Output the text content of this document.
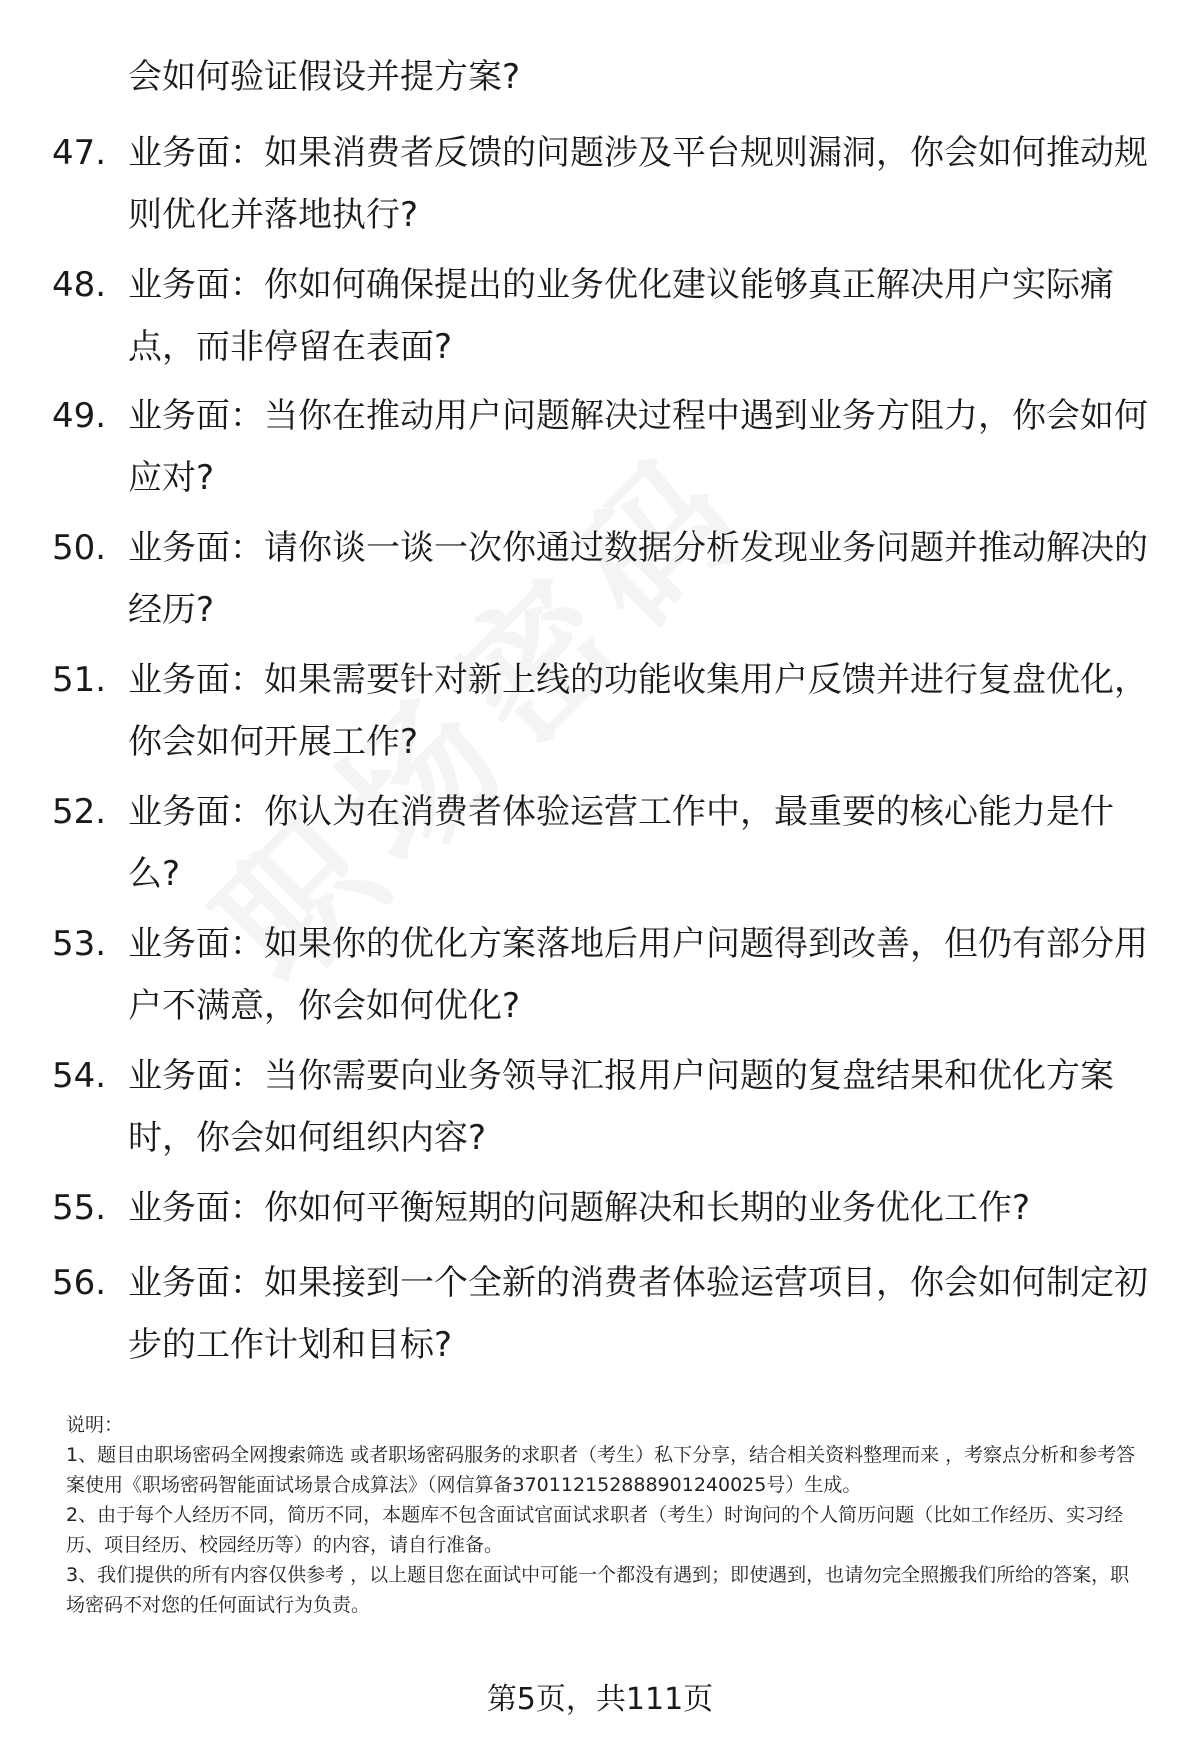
会如何验证假设并提方案?
47. 业务面：如果消费者反馈的问题涉及平台规则漏洞，你会如何推动规则优化并落地执行?
48. 业务面：你如何确保提出的业务优化建议能够真正解决用户实际痛点，而非停留在表面?
49. 业务面：当你在推动用户问题解决过程中遇到业务方阻力，你会如何应对?
50. 业务面：请你谈一谈一次你通过数据分析发现业务问题并推动解决的经历?
51. 业务面：如果需要针对新上线的功能收集用户反馈并进行复盘优化，你会如何开展工作?
52. 业务面：你认为在消费者体验运营工作中，最重要的核心能力是什么?
53. 业务面：如果你的优化方案落地后用户问题得到改善，但仍有部分用户不满意，你会如何优化?
54. 业务面：当你需要向业务领导汇报用户问题的复盘结果和优化方案时，你会如何组织内容?
55. 业务面：你如何平衡短期的问题解决和长期的业务优化工作?
56. 业务面：如果接到一个全新的消费者体验运营项目，你会如何制定初步的工作计划和目标?

说明：

1、题目由职场密码全网搜索筛选 或者职场密码服务的求职者（考生）私下分享，结合相关资料整理而来 ，考察点分析和参考答案使用《职场密码智能面试场景合成算法》（网信算备370112152888901240025号）生成。

2、由于每个人经历不同，简历不同，本题库不包含面试官面试求职者（考生）时询问的个人简历问题（比如工作经历、实习经历、项目经历、校园经历等）的内容，请自行准备。

3、我们提供的所有内容仅供参考 ，以上题目您在面试中可能一个都没有遇到；即使遇到，也请勿完全照搬我们所给的答案，职场密码不对您的任何面试行为负责。

第5页，共111页
